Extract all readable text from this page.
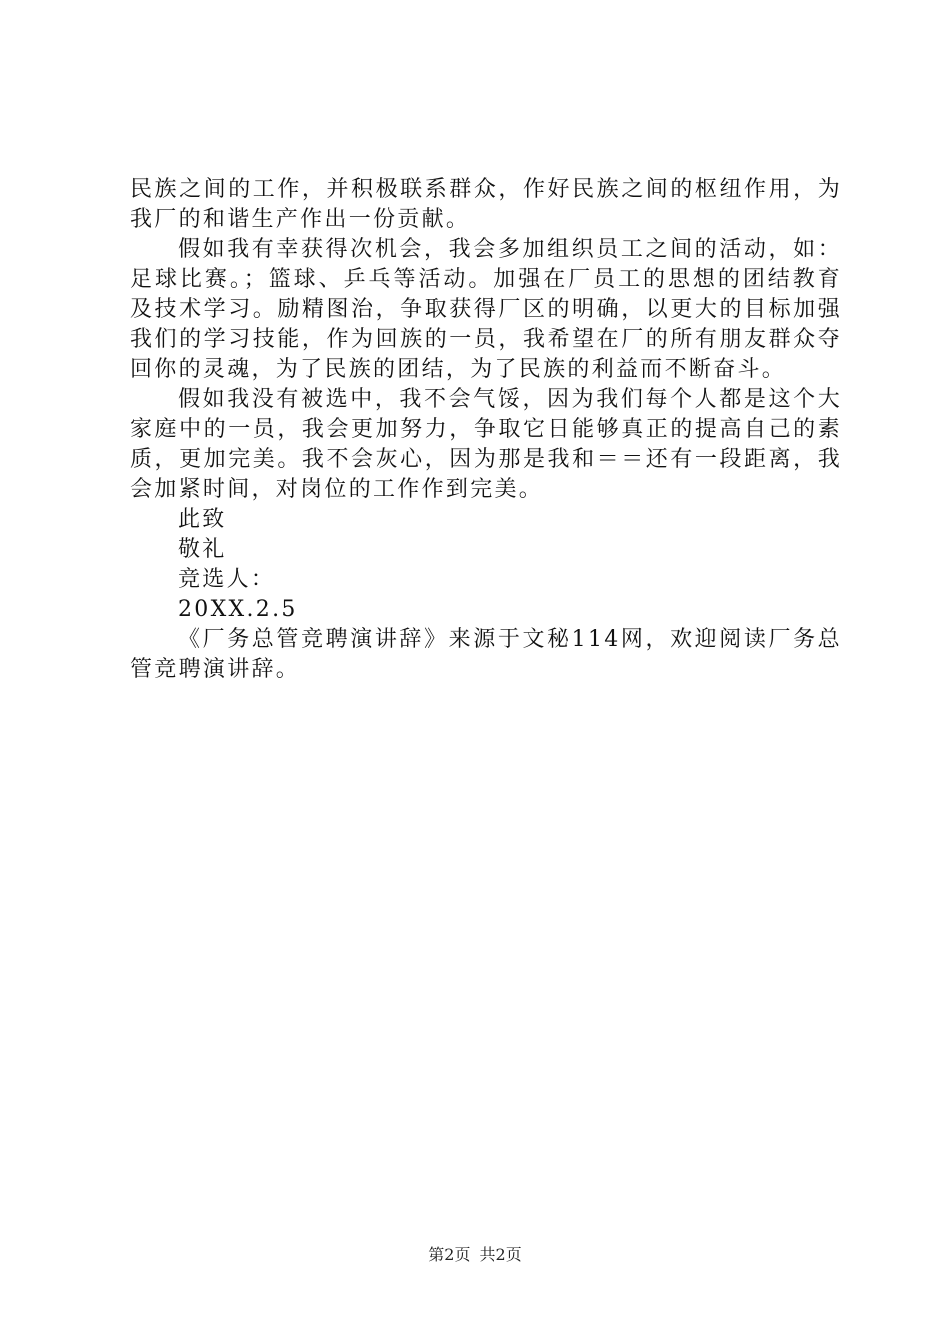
民族之间的工作，并积极联系群众，作好民族之间的枢纽作用，为我厂的和谐生产作出一份贡献。

假如我有幸获得次机会，我会多加组织员工之间的活动，如：足球比赛。；篮球、乒乓等活动。加强在厂员工的思想的团结教育及技术学习。励精图治，争取获得厂区的明确，以更大的目标加强我们的学习技能，作为回族的一员，我希望在厂的所有朋友群众夺回你的灵魂，为了民族的团结，为了民族的利益而不断奋斗。

假如我没有被选中，我不会气馁，因为我们每个人都是这个大家庭中的一员，我会更加努力，争取它日能够真正的提高自己的素质，更加完美。我不会灰心，因为那是我和＝＝还有一段距离，我会加紧时间，对岗位的工作作到完美。

此致

敬礼

竞选人：

20XX.2.5

《厂务总管竞聘演讲辞》来源于文秘114网，欢迎阅读厂务总管竞聘演讲辞。

第2页 共2页
